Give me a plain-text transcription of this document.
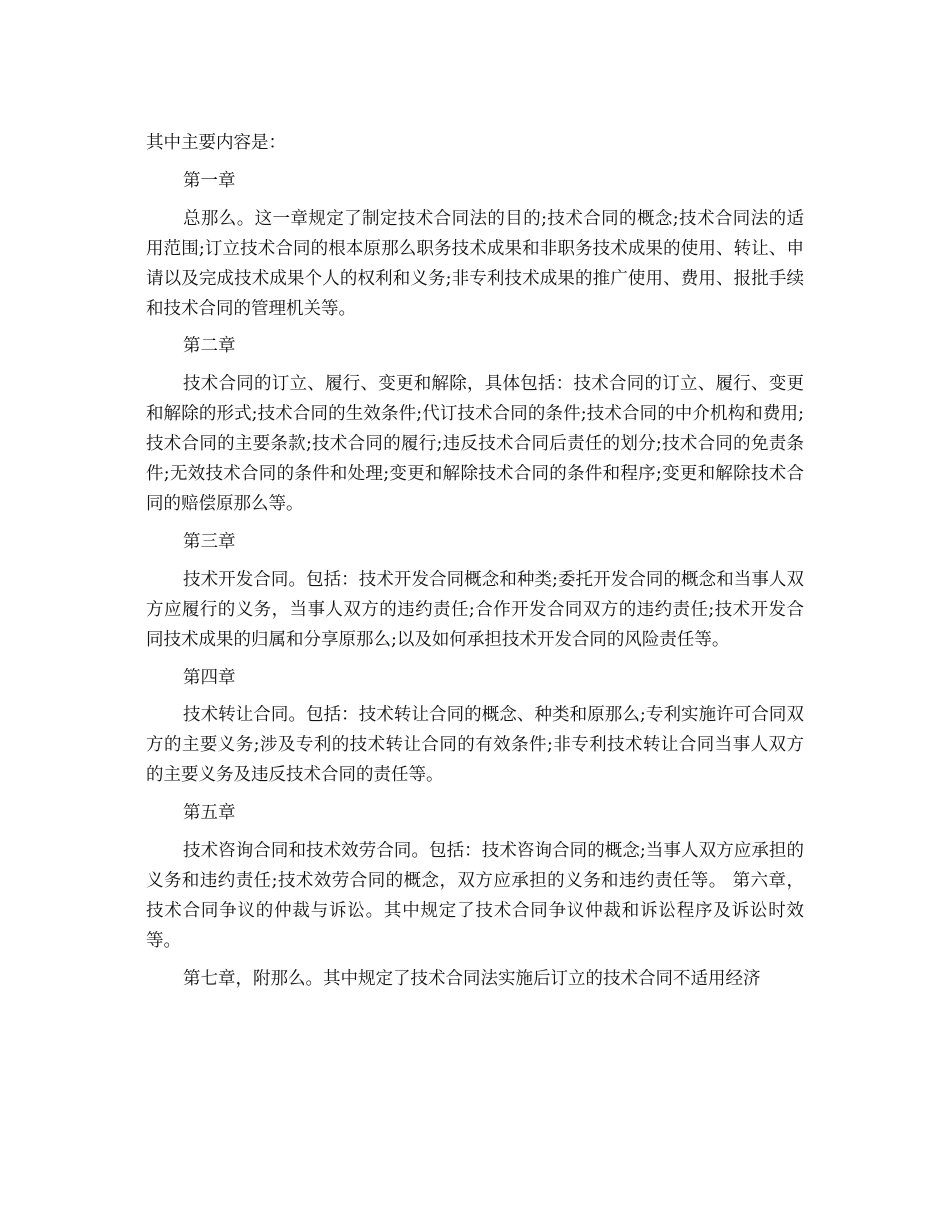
其中主要内容是：

第一章

总那么。这一章规定了制定技术合同法的目的;技术合同的概念;技术合同法的适用范围;订立技术合同的根本原那么职务技术成果和非职务技术成果的使用、转让、申请以及完成技术成果个人的权利和义务;非专利技术成果的推广使用、费用、报批手续和技术合同的管理机关等。

第二章

技术合同的订立、履行、变更和解除，具体包括：技术合同的订立、履行、变更和解除的形式;技术合同的生效条件;代订技术合同的条件;技术合同的中介机构和费用;技术合同的主要条款;技术合同的履行;违反技术合同后责任的划分;技术合同的免责条件;无效技术合同的条件和处理;变更和解除技术合同的条件和程序;变更和解除技术合同的赔偿原那么等。

第三章

技术开发合同。包括：技术开发合同概念和种类;委托开发合同的概念和当事人双方应履行的义务，当事人双方的违约责任;合作开发合同双方的违约责任;技术开发合同技术成果的归属和分享原那么;以及如何承担技术开发合同的风险责任等。

第四章

技术转让合同。包括：技术转让合同的概念、种类和原那么;专利实施许可合同双方的主要义务;涉及专利的技术转让合同的有效条件;非专利技术转让合同当事人双方的主要义务及违反技术合同的责任等。

第五章

技术咨询合同和技术效劳合同。包括：技术咨询合同的概念;当事人双方应承担的义务和违约责任;技术效劳合同的概念，双方应承担的义务和违约责任等。 第六章，技术合同争议的仲裁与诉讼。其中规定了技术合同争议仲裁和诉讼程序及诉讼时效等。

第七章，附那么。其中规定了技术合同法实施后订立的技术合同不适用经济
